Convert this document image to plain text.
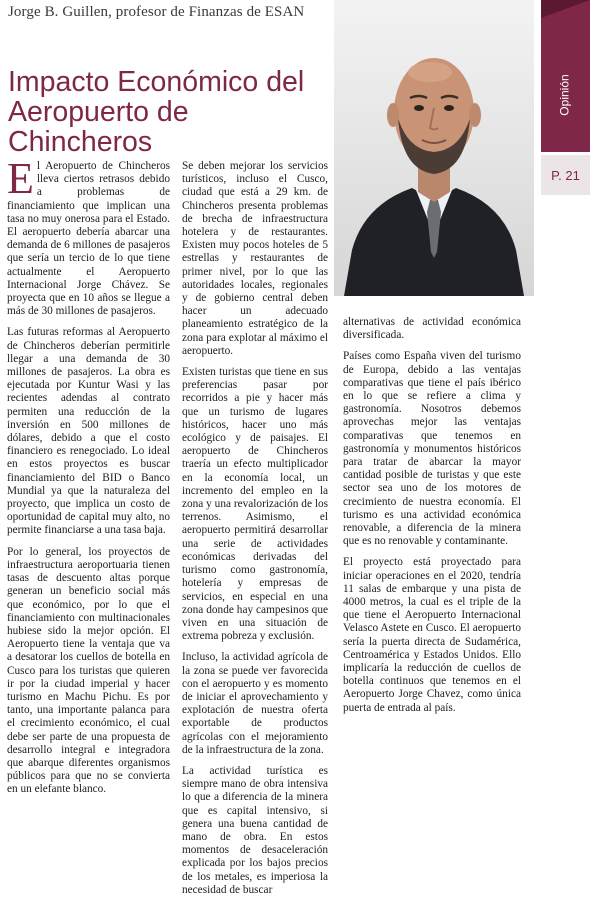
Jorge B. Guillen, profesor de Finanzas de ESAN
Impacto Económico del Aeropuerto de Chincheros
Opinión
P. 21

El Aeropuerto de Chincheros lleva ciertos retrasos debido a problemas de financiamiento que implican una tasa no muy onerosa para el Estado. El aeropuerto debería abarcar una demanda de 6 millones de pasajeros que sería un tercio de lo que tiene actualmente el Aeropuerto Internacional Jorge Chávez. Se proyecta que en 10 años se llegue a más de 30 millones de pasajeros.

Las futuras reformas al Aeropuerto de Chincheros deberían permitirle llegar a una demanda de 30 millones de pasajeros. La obra es ejecutada por Kuntur Wasi y las recientes adendas al contrato permiten una reducción de la inversión en 500 millones de dólares, debido a que el costo financiero es renegociado. Lo ideal en estos proyectos es buscar financiamiento del BID o Banco Mundial ya que la naturaleza del proyecto, que implica un costo de oportunidad de capital muy alto, no permite financiarse a una tasa baja.

Por lo general, los proyectos de infraestructura aeroportuaria tienen tasas de descuento altas porque generan un beneficio social más que económico, por lo que el financiamiento con multinacionales hubiese sido la mejor opción. El Aeropuerto tiene la ventaja que va a desatorar los cuellos de botella en Cusco para los turistas que quieren ir por la ciudad imperial y hacer turismo en Machu Pichu. Es por tanto, una importante palanca para el crecimiento económico, el cual debe ser parte de una propuesta de desarrollo integral e integradora que abarque diferentes organismos públicos para que no se convierta en un elefante blanco.

Se deben mejorar los servicios turísticos, incluso el Cusco, ciudad que está a 29 km. de Chincheros presenta problemas de brecha de infraestructura hotelera y de restaurantes. Existen muy pocos hoteles de 5 estrellas y restaurantes de primer nivel, por lo que las autoridades locales, regionales y de gobierno central deben hacer un adecuado planeamiento estratégico de la zona para explotar al máximo el aeropuerto.

Existen turistas que tiene en sus preferencias pasar por recorridos a pie y hacer más que un turismo de lugares históricos, hacer uno más ecológico y de paisajes. El aeropuerto de Chincheros traería un efecto multiplicador en la economía local, un incremento del empleo en la zona y una revalorización de los terrenos. Asimismo, el aeropuerto permitirá desarrollar una serie de actividades económicas derivadas del turismo como gastronomía, hotelería y empresas de servicios, en especial en una zona donde hay campesinos que viven en una situación de extrema pobreza y exclusión.

Incluso, la actividad agrícola de la zona se puede ver favorecida con el aeropuerto y es momento de iniciar el aprovechamiento y explotación de nuestra oferta exportable de productos agrícolas con el mejoramiento de la infraestructura de la zona.

La actividad turística es siempre mano de obra intensiva lo que a diferencia de la minera que es capital intensivo, si genera una buena cantidad de mano de obra. En estos momentos de desaceleración explicada por los bajos precios de los metales, es imperiosa la necesidad de buscar

alternativas de actividad económica diversificada.

Países como España viven del turismo de Europa, debido a las ventajas comparativas que tiene el país ibérico en lo que se refiere a clima y gastronomía. Nosotros debemos aprovechas mejor las ventajas comparativas que tenemos en gastronomía y monumentos históricos para tratar de abarcar la mayor cantidad posible de turistas y que este sector sea uno de los motores de crecimiento de nuestra economía. El turismo es una actividad económica renovable, a diferencia de la minera que es no renovable y contaminante.

El proyecto está proyectado para iniciar operaciones en el 2020, tendría 11 salas de embarque y una pista de 4000 metros, la cual es el triple de la que tiene el Aeropuerto Internacional Velasco Astete en Cusco. El aeropuerto sería la puerta directa de Sudamérica, Centroamérica y Estados Unidos. Ello implicaría la reducción de cuellos de botella continuos que tenemos en el Aeropuerto Jorge Chavez, como única puerta de entrada al país.
